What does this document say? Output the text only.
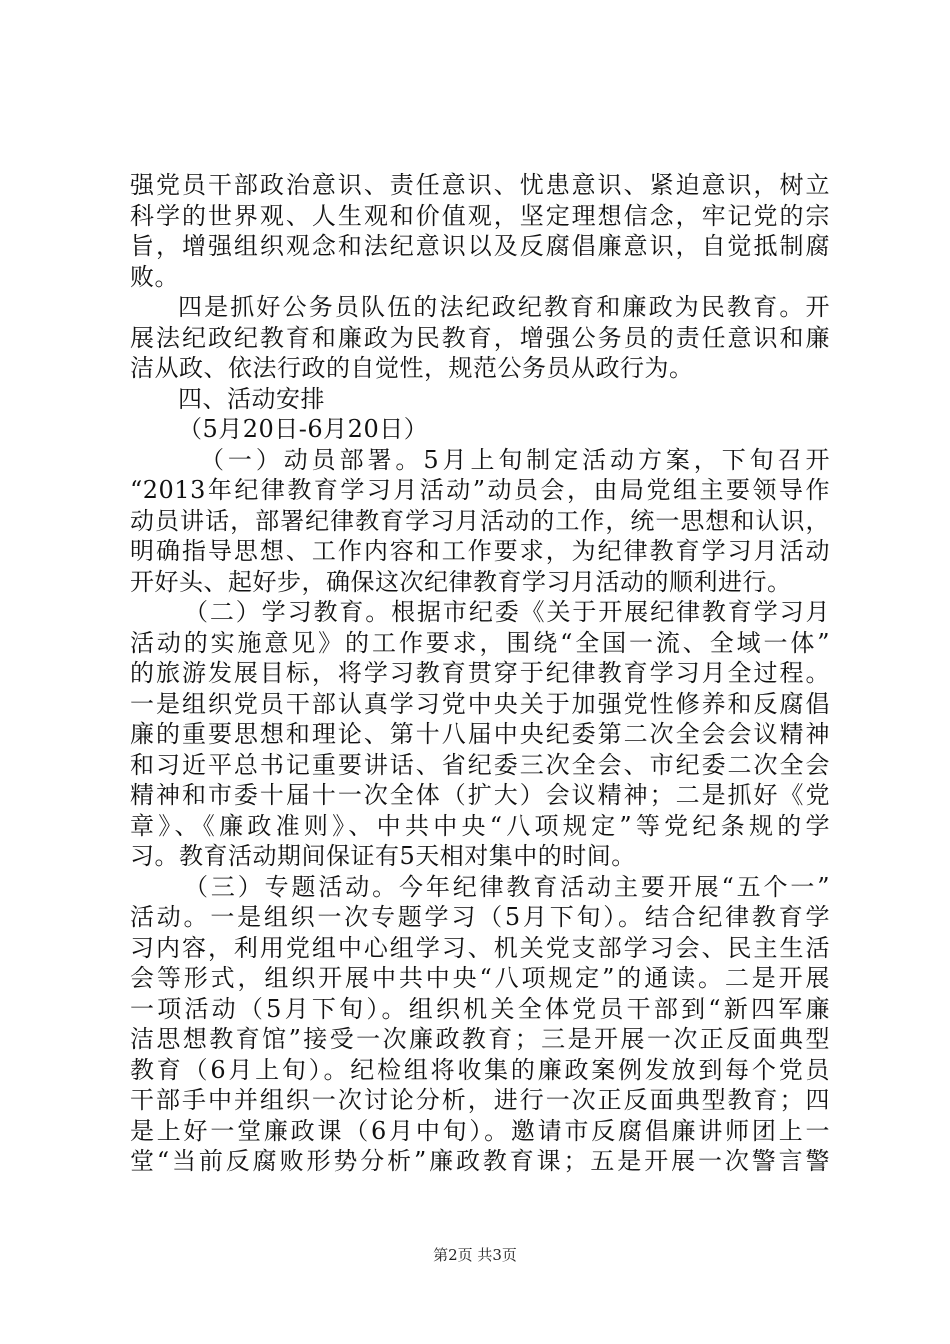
强党员干部政治意识、责任意识、忧患意识、紧迫意识，树立
科学的世界观、人生观和价值观，坚定理想信念，牢记党的宗
旨，增强组织观念和法纪意识以及反腐倡廉意识，自觉抵制腐
败。
四是抓好公务员队伍的法纪政纪教育和廉政为民教育。开
展法纪政纪教育和廉政为民教育，增强公务员的责任意识和廉
洁从政、依法行政的自觉性，规范公务员从政行为。
四、活动安排
（5月20日-6月20日）
（一）动员部署。5月上旬制定活动方案，下旬召开
“2013年纪律教育学习月活动”动员会，由局党组主要领导作
动员讲话，部署纪律教育学习月活动的工作，统一思想和认识，
明确指导思想、工作内容和工作要求，为纪律教育学习月活动
开好头、起好步，确保这次纪律教育学习月活动的顺利进行。
（二）学习教育。根据市纪委《关于开展纪律教育学习月
活动的实施意见》的工作要求，围绕“全国一流、全域一体”
的旅游发展目标，将学习教育贯穿于纪律教育学习月全过程。
一是组织党员干部认真学习党中央关于加强党性修养和反腐倡
廉的重要思想和理论、第十八届中央纪委第二次全会会议精神
和习近平总书记重要讲话、省纪委三次全会、市纪委二次全会
精神和市委十届十一次全体（扩大）会议精神；二是抓好《党
章》、《廉政准则》、中共中央“八项规定”等党纪条规的学
习。教育活动期间保证有5天相对集中的时间。
（三）专题活动。今年纪律教育活动主要开展“五个一”
活动。一是组织一次专题学习（5月下旬）。结合纪律教育学
习内容，利用党组中心组学习、机关党支部学习会、民主生活
会等形式，组织开展中共中央“八项规定”的通读。二是开展
一项活动（5月下旬）。组织机关全体党员干部到“新四军廉
洁思想教育馆”接受一次廉政教育；三是开展一次正反面典型
教育（6月上旬）。纪检组将收集的廉政案例发放到每个党员
干部手中并组织一次讨论分析，进行一次正反面典型教育；四
是上好一堂廉政课（6月中旬）。邀请市反腐倡廉讲师团上一
堂“当前反腐败形势分析”廉政教育课；五是开展一次警言警
第2页 共3页
